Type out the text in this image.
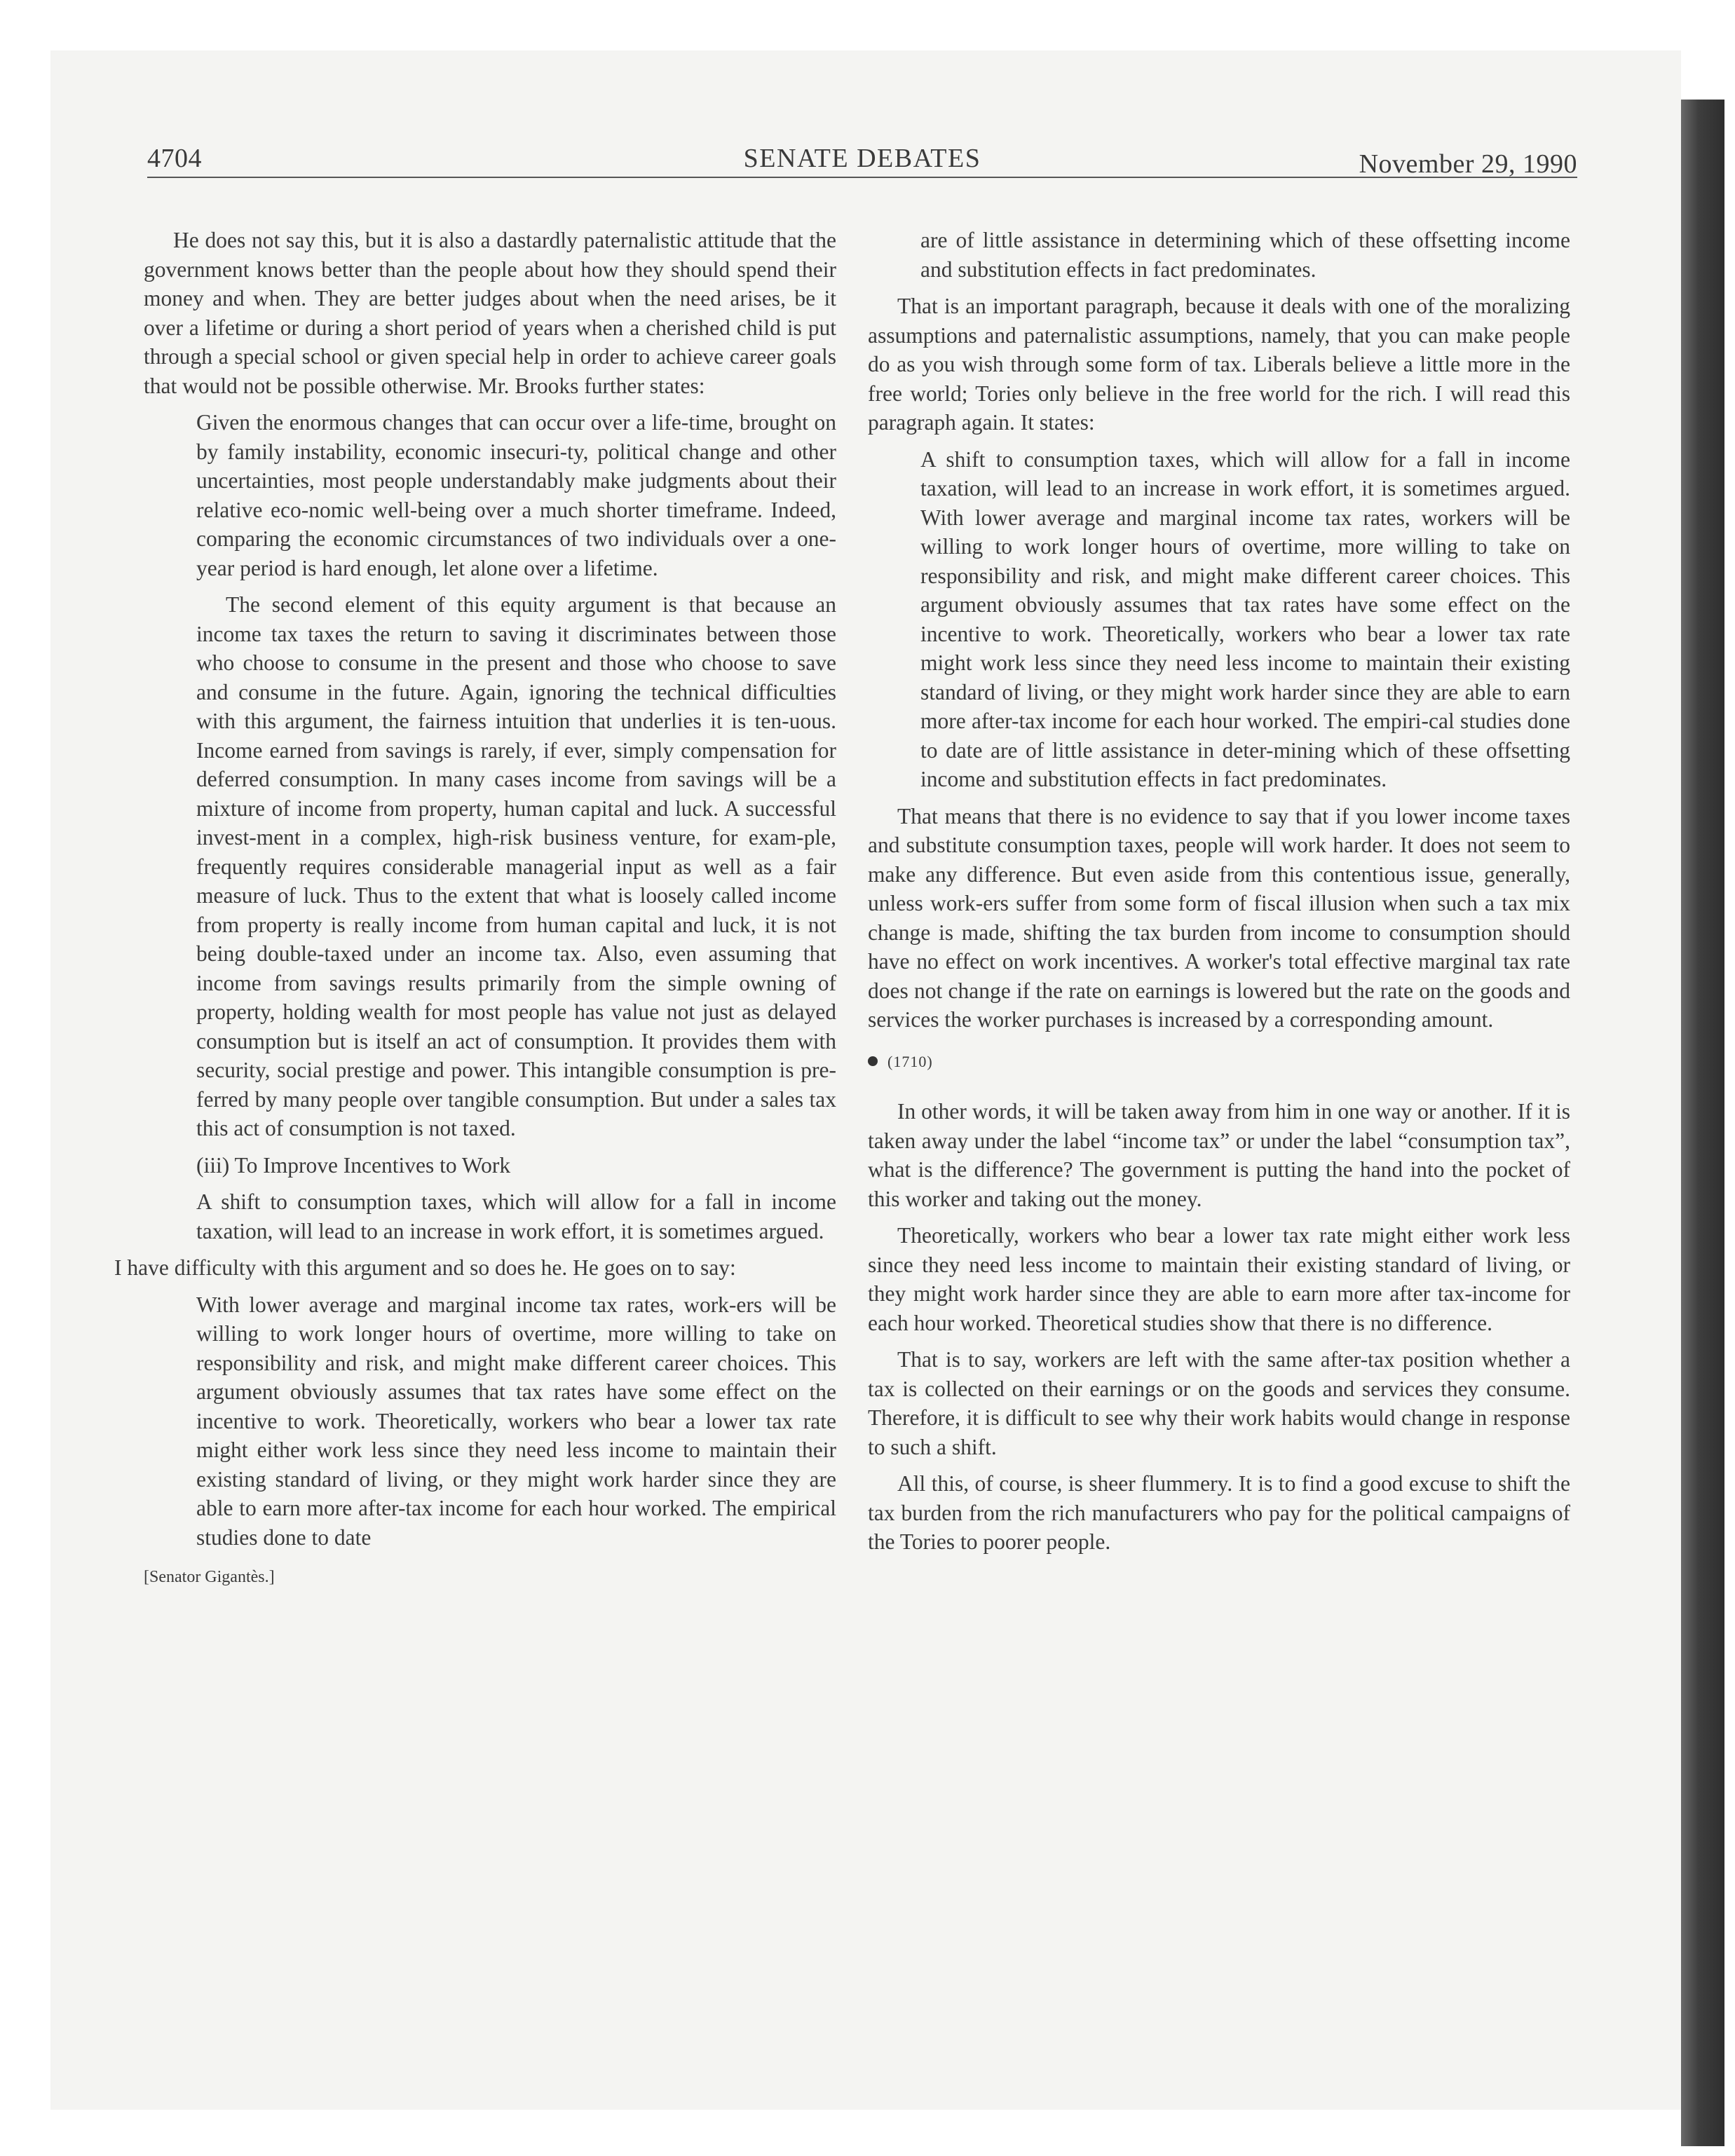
4704	SENATE DEBATES	November 29, 1990

He does not say this, but it is also a dastardly paternalistic attitude that the government knows better than the people about how they should spend their money and when. They are better judges about when the need arises, be it over a lifetime or during a short period of years when a cherished child is put through a special school or given special help in order to achieve career goals that would not be possible otherwise. Mr. Brooks further states:

Given the enormous changes that can occur over a life-time, brought on by family instability, economic insecuri-ty, political change and other uncertainties, most people understandably make judgments about their relative eco-nomic well-being over a much shorter timeframe. Indeed, comparing the economic circumstances of two individuals over a one-year period is hard enough, let alone over a lifetime.

The second element of this equity argument is that because an income tax taxes the return to saving it discriminates between those who choose to consume in the present and those who choose to save and consume in the future. Again, ignoring the technical difficulties with this argument, the fairness intuition that underlies it is ten-uous. Income earned from savings is rarely, if ever, simply compensation for deferred consumption. In many cases income from savings will be a mixture of income from property, human capital and luck. A successful invest-ment in a complex, high-risk business venture, for exam-ple, frequently requires considerable managerial input as well as a fair measure of luck. Thus to the extent that what is loosely called income from property is really income from human capital and luck, it is not being double-taxed under an income tax. Also, even assuming that income from savings results primarily from the simple owning of property, holding wealth for most people has value not just as delayed consumption but is itself an act of consumption. It provides them with security, social prestige and power. This intangible consumption is pre-ferred by many people over tangible consumption. But under a sales tax this act of consumption is not taxed.

(iii) To Improve Incentives to Work

A shift to consumption taxes, which will allow for a fall in income taxation, will lead to an increase in work effort, it is sometimes argued.

I have difficulty with this argument and so does he. He goes on to say:

With lower average and marginal income tax rates, work-ers will be willing to work longer hours of overtime, more willing to take on responsibility and risk, and might make different career choices. This argument obviously assumes that tax rates have some effect on the incentive to work. Theoretically, workers who bear a lower tax rate might either work less since they need less income to maintain their existing standard of living, or they might work harder since they are able to earn more after-tax income for each hour worked. The empirical studies done to date

[Senator Gigantès.]

are of little assistance in determining which of these offsetting income and substitution effects in fact predominates.

That is an important paragraph, because it deals with one of the moralizing assumptions and paternalistic assumptions, namely, that you can make people do as you wish through some form of tax. Liberals believe a little more in the free world; Tories only believe in the free world for the rich. I will read this paragraph again. It states:

A shift to consumption taxes, which will allow for a fall in income taxation, will lead to an increase in work effort, it is sometimes argued. With lower average and marginal income tax rates, workers will be willing to work longer hours of overtime, more willing to take on responsibility and risk, and might make different career choices. This argument obviously assumes that tax rates have some effect on the incentive to work. Theoretically, workers who bear a lower tax rate might work less since they need less income to maintain their existing standard of living, or they might work harder since they are able to earn more after-tax income for each hour worked. The empiri-cal studies done to date are of little assistance in deter-mining which of these offsetting income and substitution effects in fact predominates.

That means that there is no evidence to say that if you lower income taxes and substitute consumption taxes, people will work harder. It does not seem to make any difference. But even aside from this contentious issue, generally, unless work-ers suffer from some form of fiscal illusion when such a tax mix change is made, shifting the tax burden from income to consumption should have no effect on work incentives. A worker's total effective marginal tax rate does not change if the rate on earnings is lowered but the rate on the goods and services the worker purchases is increased by a corresponding amount.

(1710)

In other words, it will be taken away from him in one way or another. If it is taken away under the label “income tax” or under the label “consumption tax”, what is the difference? The government is putting the hand into the pocket of this worker and taking out the money.

Theoretically, workers who bear a lower tax rate might either work less since they need less income to maintain their existing standard of living, or they might work harder since they are able to earn more after tax-income for each hour worked. Theoretical studies show that there is no difference.

That is to say, workers are left with the same after-tax position whether a tax is collected on their earnings or on the goods and services they consume. Therefore, it is difficult to see why their work habits would change in response to such a shift.

All this, of course, is sheer flummery. It is to find a good excuse to shift the tax burden from the rich manufacturers who pay for the political campaigns of the Tories to poorer people.
